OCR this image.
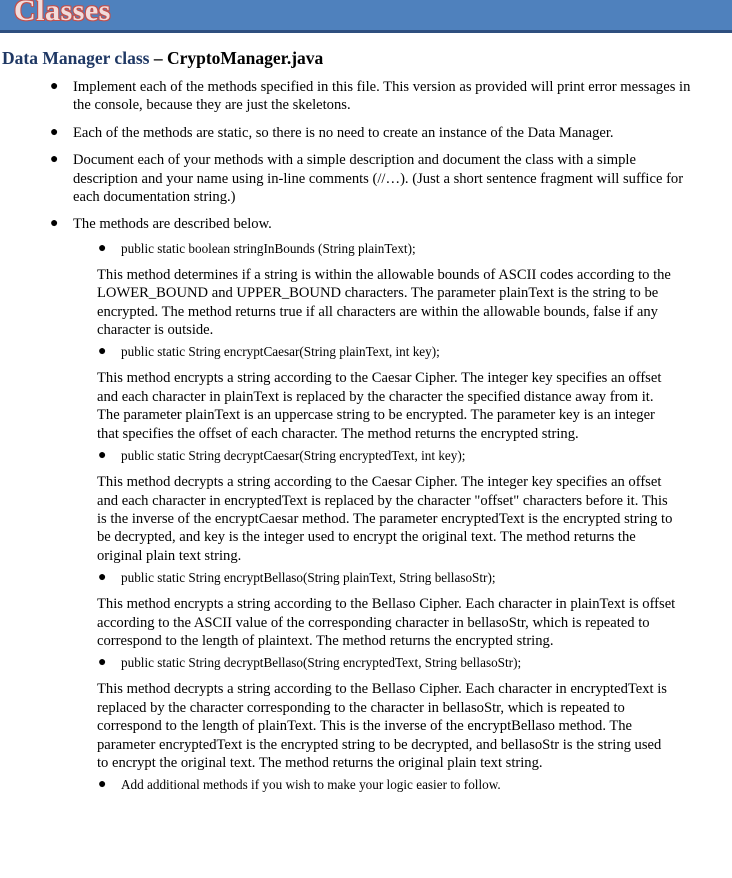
Classes
Data Manager class – CryptoManager.java
● Implement each of the methods specified in this file. This version as provided will print error messages in the console, because they are just the skeletons.
● Each of the methods are static, so there is no need to create an instance of the Data Manager.
● Document each of your methods with a simple description and document the class with a simple description and your name using in-line comments (//…). (Just a short sentence fragment will suffice for each documentation string.)
● The methods are described below.
● public static boolean stringInBounds (String plainText);
This method determines if a string is within the allowable bounds of ASCII codes according to the LOWER_BOUND and UPPER_BOUND characters. The parameter plainText is the string to be encrypted. The method returns true if all characters are within the allowable bounds, false if any character is outside.
● public static String encryptCaesar(String plainText, int key);
This method encrypts a string according to the Caesar Cipher. The integer key specifies an offset and each character in plainText is replaced by the character the specified distance away from it. The parameter plainText is an uppercase string to be encrypted. The parameter key is an integer that specifies the offset of each character. The method returns the encrypted string.
● public static String decryptCaesar(String encryptedText, int key);
This method decrypts a string according to the Caesar Cipher. The integer key specifies an offset and each character in encryptedText is replaced by the character "offset" characters before it. This is the inverse of the encryptCaesar method. The parameter encryptedText is the encrypted string to be decrypted, and key is the integer used to encrypt the original text. The method returns the original plain text string.
● public static String encryptBellaso(String plainText, String bellasoStr);
This method encrypts a string according to the Bellaso Cipher. Each character in plainText is offset according to the ASCII value of the corresponding character in bellasoStr, which is repeated to correspond to the length of plaintext. The method returns the encrypted string.
● public static String decryptBellaso(String encryptedText, String bellasoStr);
This method decrypts a string according to the Bellaso Cipher. Each character in encryptedText is replaced by the character corresponding to the character in bellasoStr, which is repeated to correspond to the length of plainText. This is the inverse of the encryptBellaso method. The parameter encryptedText is the encrypted string to be decrypted, and bellasoStr is the string used to encrypt the original text. The method returns the original plain text string.
● Add additional methods if you wish to make your logic easier to follow.
